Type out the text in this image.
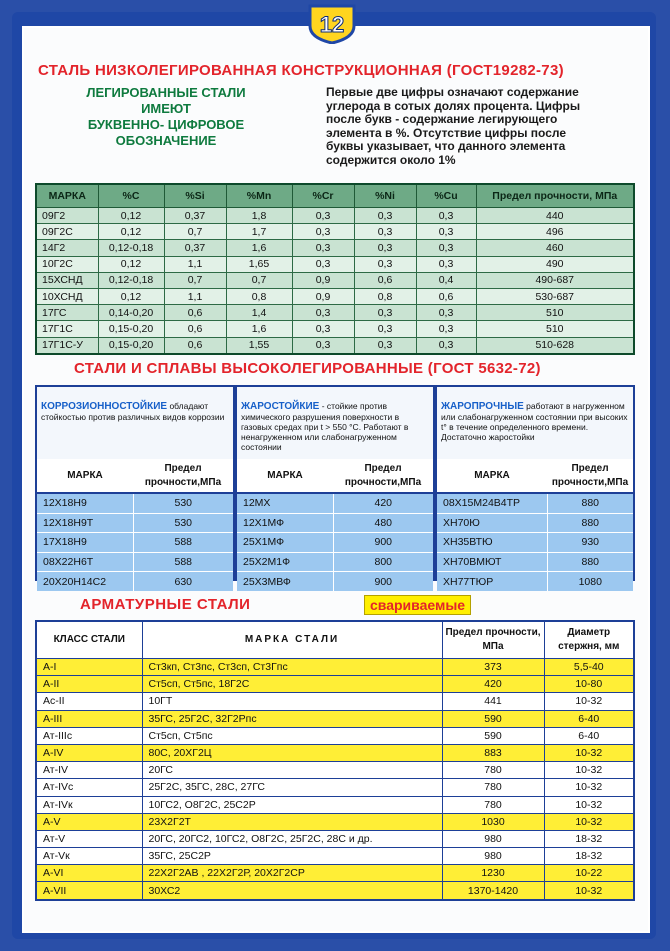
12
СТАЛЬ НИЗКОЛЕГИРОВАННАЯ КОНСТРУКЦИОННАЯ (ГОСТ19282-73)
ЛЕГИРОВАННЫЕ СТАЛИ
ИМЕЮТ
БУКВЕННО- ЦИФРОВОЕ
ОБОЗНАЧЕНИЕ
Первые две цифры означают содержание
углерода в сотых долях процента. Цифры
после букв - содержание легирующего
элемента в %. Отсутствие цифры после
буквы указывает, что данного элемента
содержится около 1%
МАРКА	%C	%Si	%Mn	%Cr	%Ni	%Cu	Предел прочности, МПа
09Г2	0,12	0,37	1,8	0,3	0,3	0,3	440
09Г2С	0,12	0,7	1,7	0,3	0,3	0,3	496
14Г2	0,12-0,18	0,37	1,6	0,3	0,3	0,3	460
10Г2С	0,12	1,1	1,65	0,3	0,3	0,3	490
15ХСНД	0,12-0,18	0,7	0,7	0,9	0,6	0,4	490-687
10ХСНД	0,12	1,1	0,8	0,9	0,8	0,6	530-687
17ГС	0,14-0,20	0,6	1,4	0,3	0,3	0,3	510
17Г1С	0,15-0,20	0,6	1,6	0,3	0,3	0,3	510
17Г1С-У	0,15-0,20	0,6	1,55	0,3	0,3	0,3	510-628
СТАЛИ И СПЛАВЫ ВЫСОКОЛЕГИРОВАННЫЕ (ГОСТ 5632-72)
КОРРОЗИОННОСТОЙКИЕ обладают стойкостью против различных видов коррозии
МАРКА	Предел прочности,МПа
12Х18Н9	530
12Х18Н9Т	530
17Х18Н9	588
08Х22Н6Т	588
20Х20Н14С2	630
ЖАРОСТОЙКИЕ - стойкие против химического разрушения поверхности в газовых средах при t > 550 °С. Работают в ненагруженном или слабонагруженном состоянии
МАРКА	Предел прочности,МПа
12МХ	420
12Х1МФ	480
25Х1МФ	900
25Х2М1Ф	800
25Х3МВФ	900
ЖАРОПРОЧНЫЕ работают в нагруженном или слабонагруженном состоянии при высоких t° в течение определенного времени. Достаточно жаростойки
МАРКА	Предел прочности,МПа
08Х15М24В4ТР	880
ХН70Ю	880
ХН35ВТЮ	930
ХН70ВМЮТ	880
ХН77ТЮР	1080
АРМАТУРНЫЕ СТАЛИ	свариваемые
КЛАСС СТАЛИ	МАРКА СТАЛИ	Предел прочности, МПа	Диаметр стержня, мм
A-I	Ст3кп, Ст3пс, Ст3сп, Ст3Гпс	373	5,5-40
A-II	Ст5сп, Ст5пс, 18Г2С	420	10-80
Ac-II	10ГТ	441	10-32
A-III	35ГС, 25Г2С, 32Г2Рпс	590	6-40
Ат-IIIс	Ст5сп, Ст5пс	590	6-40
A-IV	80С, 20ХГ2Ц	883	10-32
Ат-IV	20ГС	780	10-32
Ат-IVс	25Г2С, 35ГС, 28С, 27ГС	780	10-32
Ат-IVк	10ГС2, О8Г2С, 25С2Р	780	10-32
A-V	23Х2Г2Т	1030	10-32
Ат-V	20ГС, 20ГС2, 10ГС2, О8Г2С, 25Г2С, 28С и др.	980	18-32
Ат-Vк	35ГС, 25С2Р	980	18-32
A-VI	22Х2Г2АВ , 22Х2Г2Р, 20Х2Г2СР	1230	10-22
A-VII	30ХС2	1370-1420	10-32
